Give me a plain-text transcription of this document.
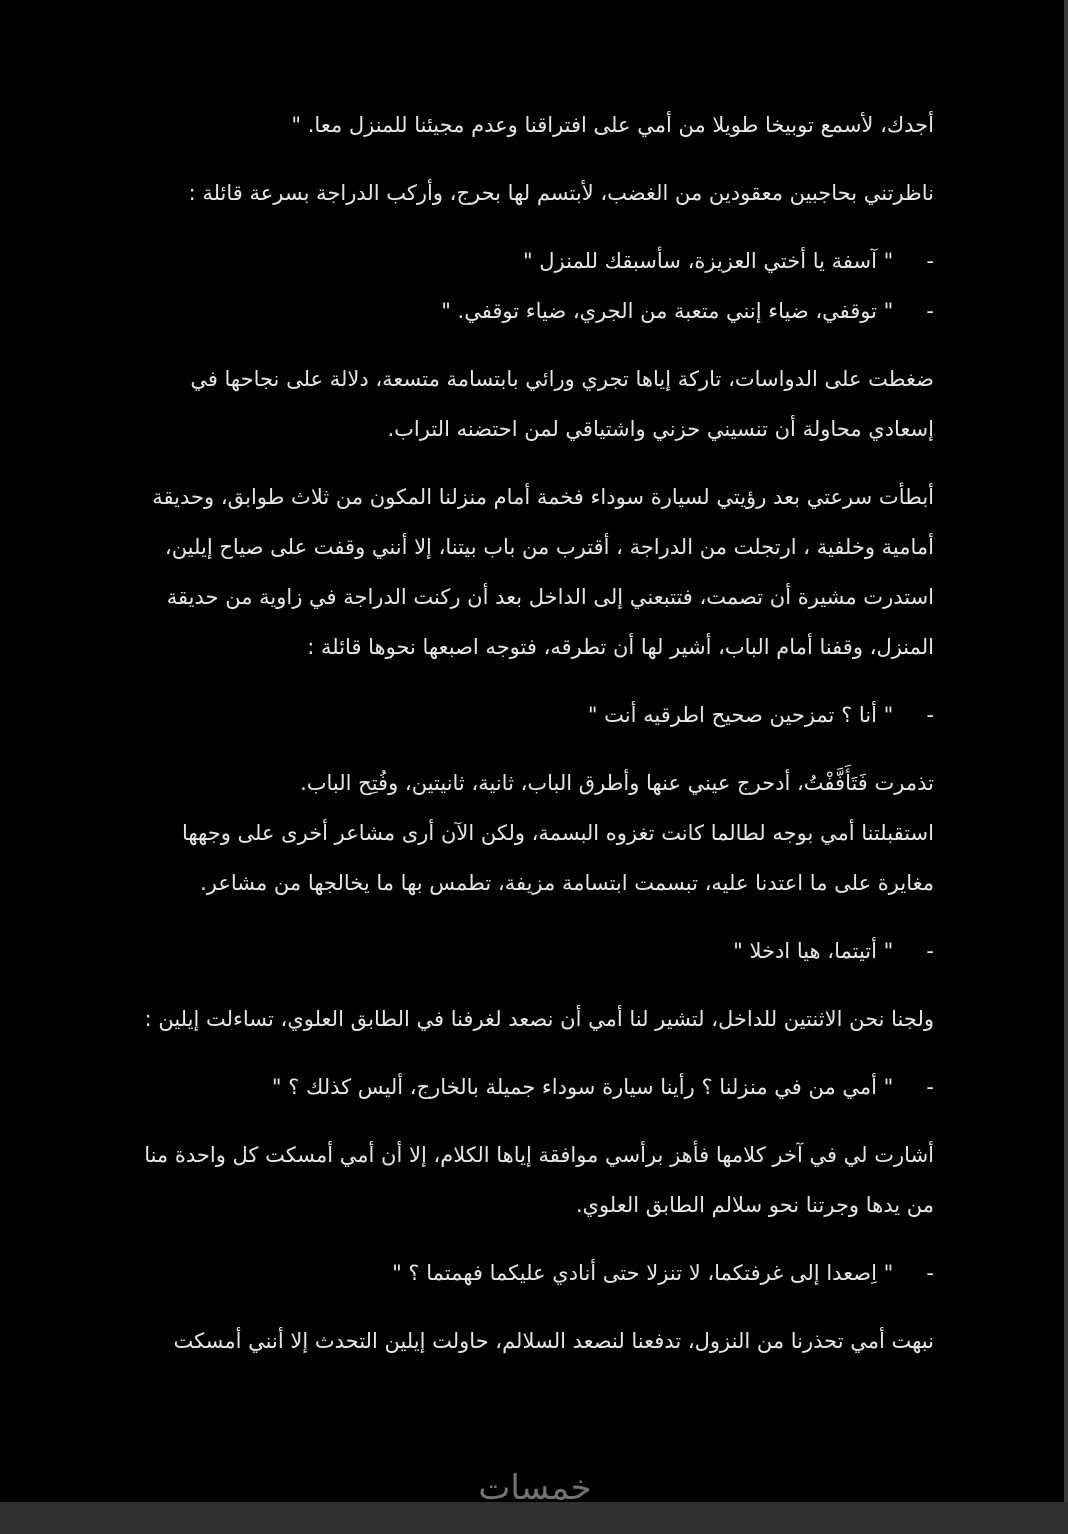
أجدك، لأسمع توبيخا طويلا من أمي على افتراقنا وعدم مجيئنا للمنزل معا. "

ناظرتني بحاجبين معقودين من الغضب، لأبتسم لها بحرج، وأركب الدراجة بسرعة قائلة :

- " آسفة يا أختي العزيزة، سأسبقك للمنزل "

- " توقفي، ضياء إنني متعبة من الجري، ضياء توقفي. "

ضغطت على الدواسات، تاركة إياها تجري ورائي بابتسامة متسعة، دلالة على نجاحها في
إسعادي محاولة أن تنسيني حزني واشتياقي لمن احتضنه التراب.

أبطأت سرعتي بعد رؤيتي لسيارة سوداء فخمة أمام منزلنا المكون من ثلاث طوابق، وحديقة
أمامية وخلفية ، ارتجلت من الدراجة ، أقترب من باب بيتنا، إلا أنني وقفت على صياح إيلين،
استدرت مشيرة أن تصمت، فتتبعني إلى الداخل بعد أن ركنت الدراجة في زاوية من حديقة
المنزل، وقفنا أمام الباب، أشير لها أن تطرقه، فتوجه اصبعها نحوها قائلة :

- " أنا ؟ تمزحين صحيح اطرقيه أنت "

تذمرت فَتَأَفَّفْتُ، أدحرج عيني عنها وأطرق الباب، ثانية، ثانيتين، وفُتِح الباب.
استقبلتنا أمي بوجه لطالما كانت تغزوه البسمة، ولكن الآن أرى مشاعر أخرى على وجهها
مغايرة على ما اعتدنا عليه، تبسمت ابتسامة مزيفة، تطمس بها ما يخالجها من مشاعر.

- " أتيتما، هيا ادخلا "

ولجنا نحن الاثنتين للداخل، لتشير لنا أمي أن نصعد لغرفنا في الطابق العلوي، تساءلت إيلين :

- " أمي من في منزلنا ؟ رأينا سيارة سوداء جميلة بالخارج، أليس كذلك ؟ "

أشارت لي في آخر كلامها فأهز برأسي موافقة إياها الكلام، إلا أن أمي أمسكت كل واحدة منا
من يدها وجرتنا نحو سلالم الطابق العلوي.

- " اِصعدا إلى غرفتكما، لا تنزلا حتى أنادي عليكما فهمتما ؟ "

نبهت أمي تحذرنا من النزول، تدفعنا لنصعد السلالم، حاولت إيلين التحدث إلا أنني أمسكت

خمسات
